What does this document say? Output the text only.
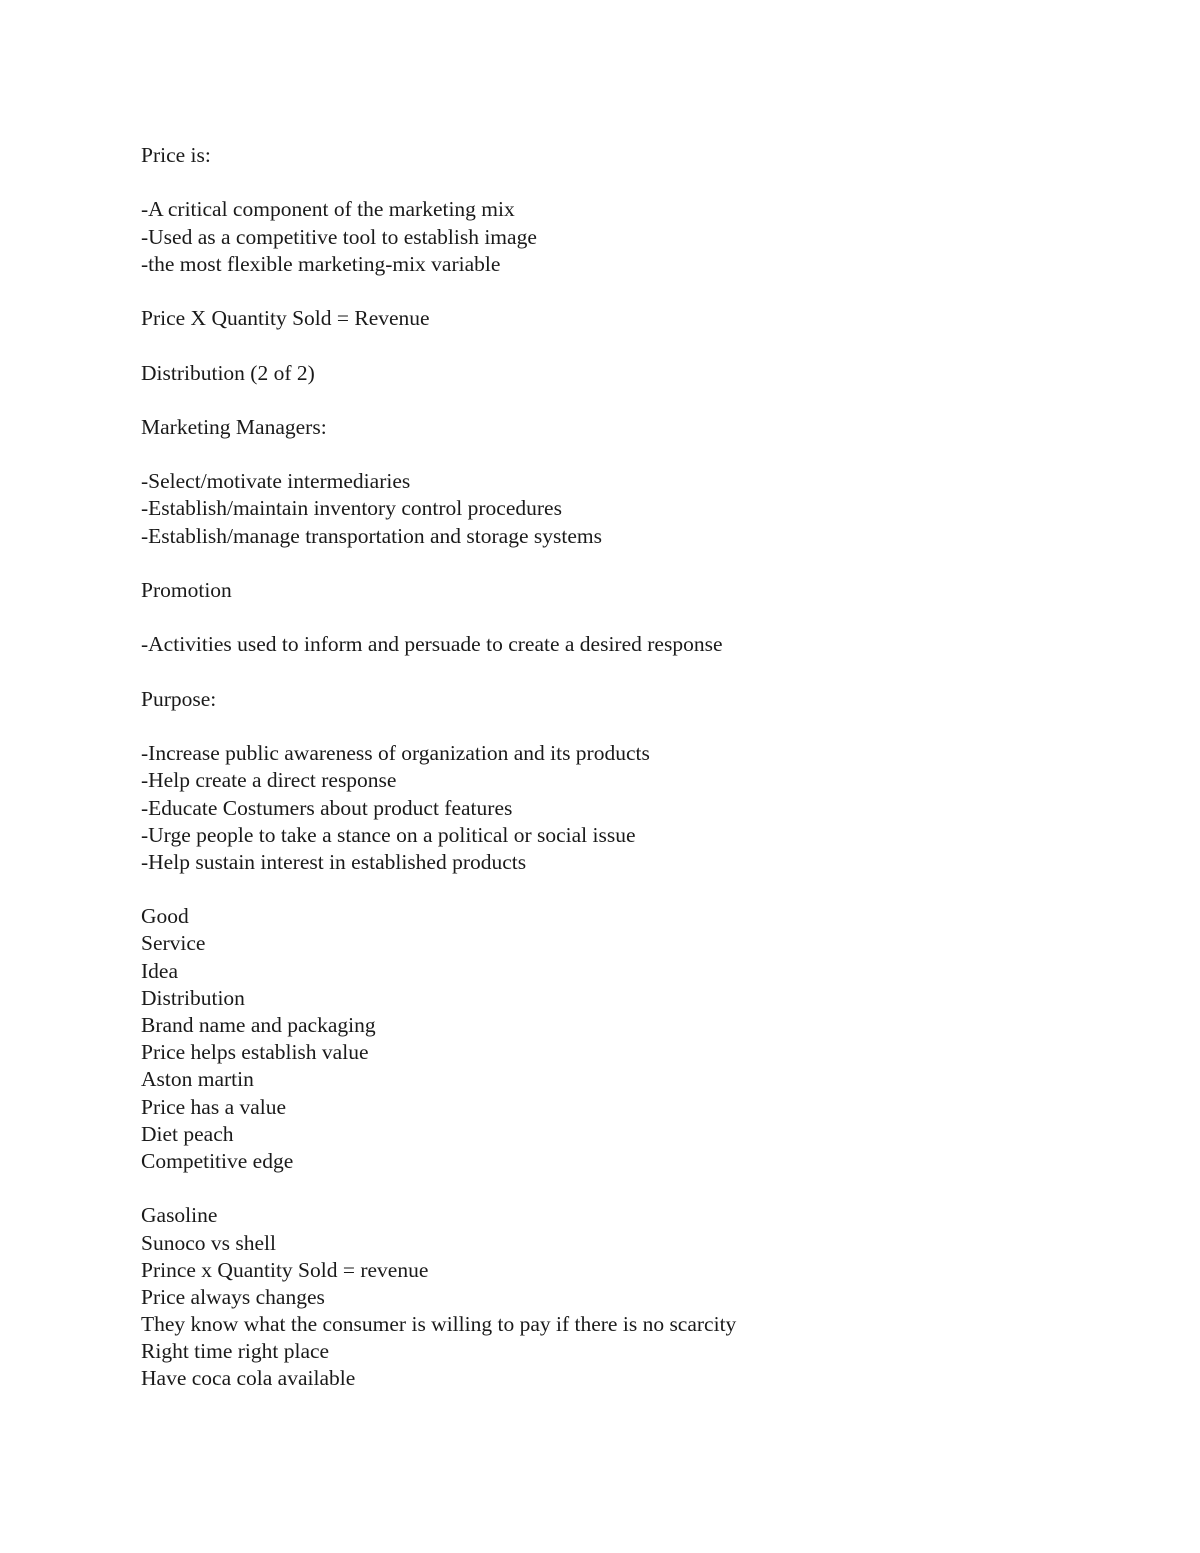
Price is:
-A critical component of the marketing mix
-Used as a competitive tool to establish image
-the most flexible marketing-mix variable
Price X Quantity Sold = Revenue
Distribution (2 of 2)
Marketing Managers:
-Select/motivate intermediaries
-Establish/maintain inventory control procedures
-Establish/manage transportation and storage systems
Promotion
-Activities used to inform and persuade to create a desired response
Purpose:
-Increase public awareness of organization and its products
-Help create a direct response
-Educate Costumers about product features
-Urge people to take a stance on a political or social issue
-Help sustain interest in established products
Good
Service
Idea
Distribution
Brand name and packaging
Price helps establish value
Aston martin
Price has a value
Diet peach
Competitive edge
Gasoline
Sunoco vs shell
Prince x Quantity Sold = revenue
Price always changes
They know what the consumer is willing to pay if there is no scarcity
Right time right place
Have coca cola available
